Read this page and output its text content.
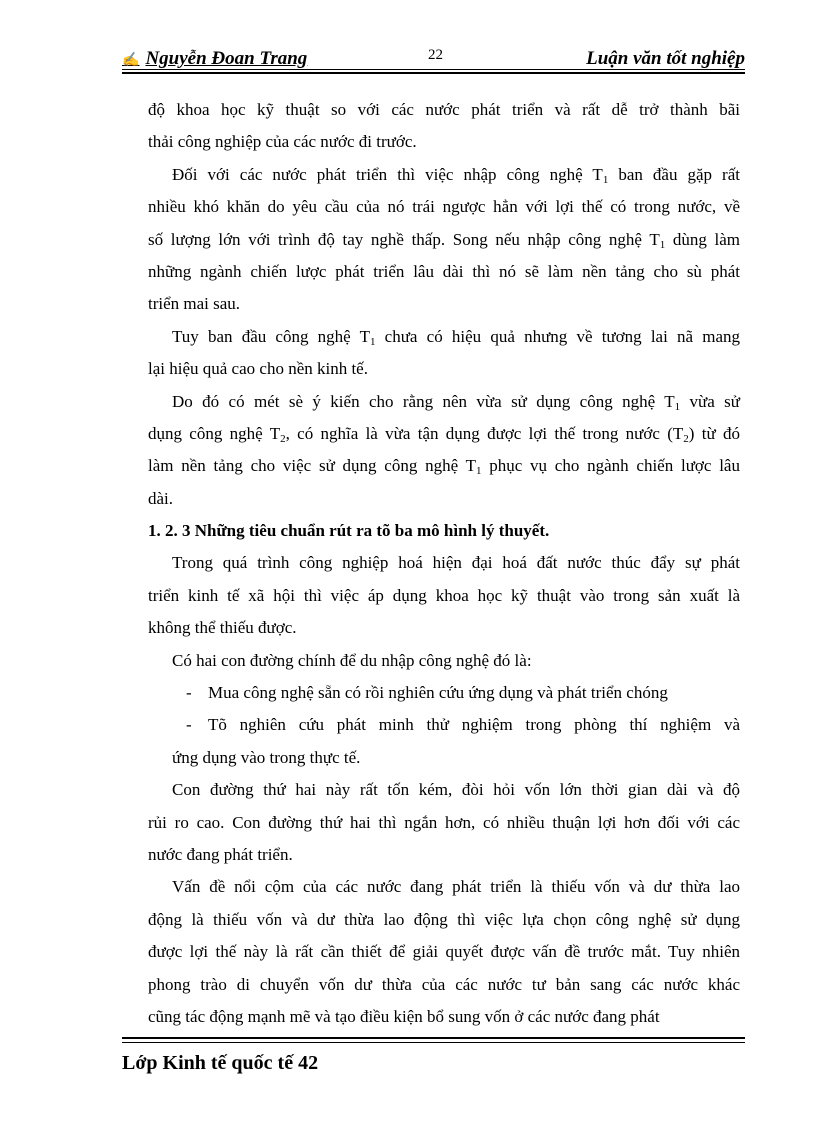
✍ Nguyễn Đoan Trang	22	Luận văn tốt nghiệp
độ khoa học kỹ thuật so với các nước phát triển và rất dễ trở thành bãi
thải công nghiệp của các nước đi trước.
Đối với các nước phát triển thì việc nhập công nghệ $T_1$ ban đầu gặp rất
nhiều khó khăn do yêu cầu của nó trái ngược hẳn với lợi thế có trong nước, về
số lượng lớn với trình độ tay nghề thấp. Song nếu nhập công nghệ $T_1$ dùng làm
những ngành chiến lược phát triển lâu dài thì nó sẽ làm nền tảng cho sù phát
triển mai sau.
Tuy ban đầu công nghệ $T_1$ chưa có hiệu quả nhưng về tương lai nã mang
lại hiệu quả cao cho nền kinh tế.
Do đó có mét sè ý kiến cho rằng nên vừa sử dụng công nghệ $T_1$ vừa sử
dụng công nghệ $T_2$, có nghĩa là vừa tận dụng được lợi thế trong nước $(T_2)$ từ đó
làm nền tảng cho việc sử dụng công nghệ $T_1$ phục vụ cho ngành chiến lược lâu
dài.
1. 2. 3 Những tiêu chuẩn rút ra tõ ba mô hình lý thuyết.
Trong quá trình công nghiệp hoá hiện đại hoá đất nước thúc đẩy sự phát
triển kinh tế xã hội thì việc áp dụng khoa học kỹ thuật vào trong sản xuất là
không thể thiếu được.
Có hai con đường chính để du nhập công nghệ đó là:
- Mua công nghệ sẵn có rồi nghiên cứu ứng dụng và phát triển chóng
- Tõ nghiên cứu phát minh thử nghiệm trong phòng thí nghiệm và
ứng dụng vào trong thực tế.
Con đường thứ hai này rất tốn kém, đòi hỏi vốn lớn thời gian dài và độ
rủi ro cao. Con đường thứ hai thì ngắn hơn, có nhiều thuận lợi hơn đối với các
nước đang phát triển.
Vấn đề nổi cộm của các nước đang phát triển là thiếu vốn và dư thừa lao
động là thiếu vốn và dư thừa lao động thì việc lựa chọn công nghệ sử dụng
được lợi thế này là rất cần thiết để giải quyết được vấn đề trước mắt. Tuy nhiên
phong trào di chuyển vốn dư thừa của các nước tư bản sang các nước khác
cũng tác động mạnh mẽ và tạo điều kiện bổ sung vốn ở các nước đang phát
Lớp Kinh tế quốc tế 42
